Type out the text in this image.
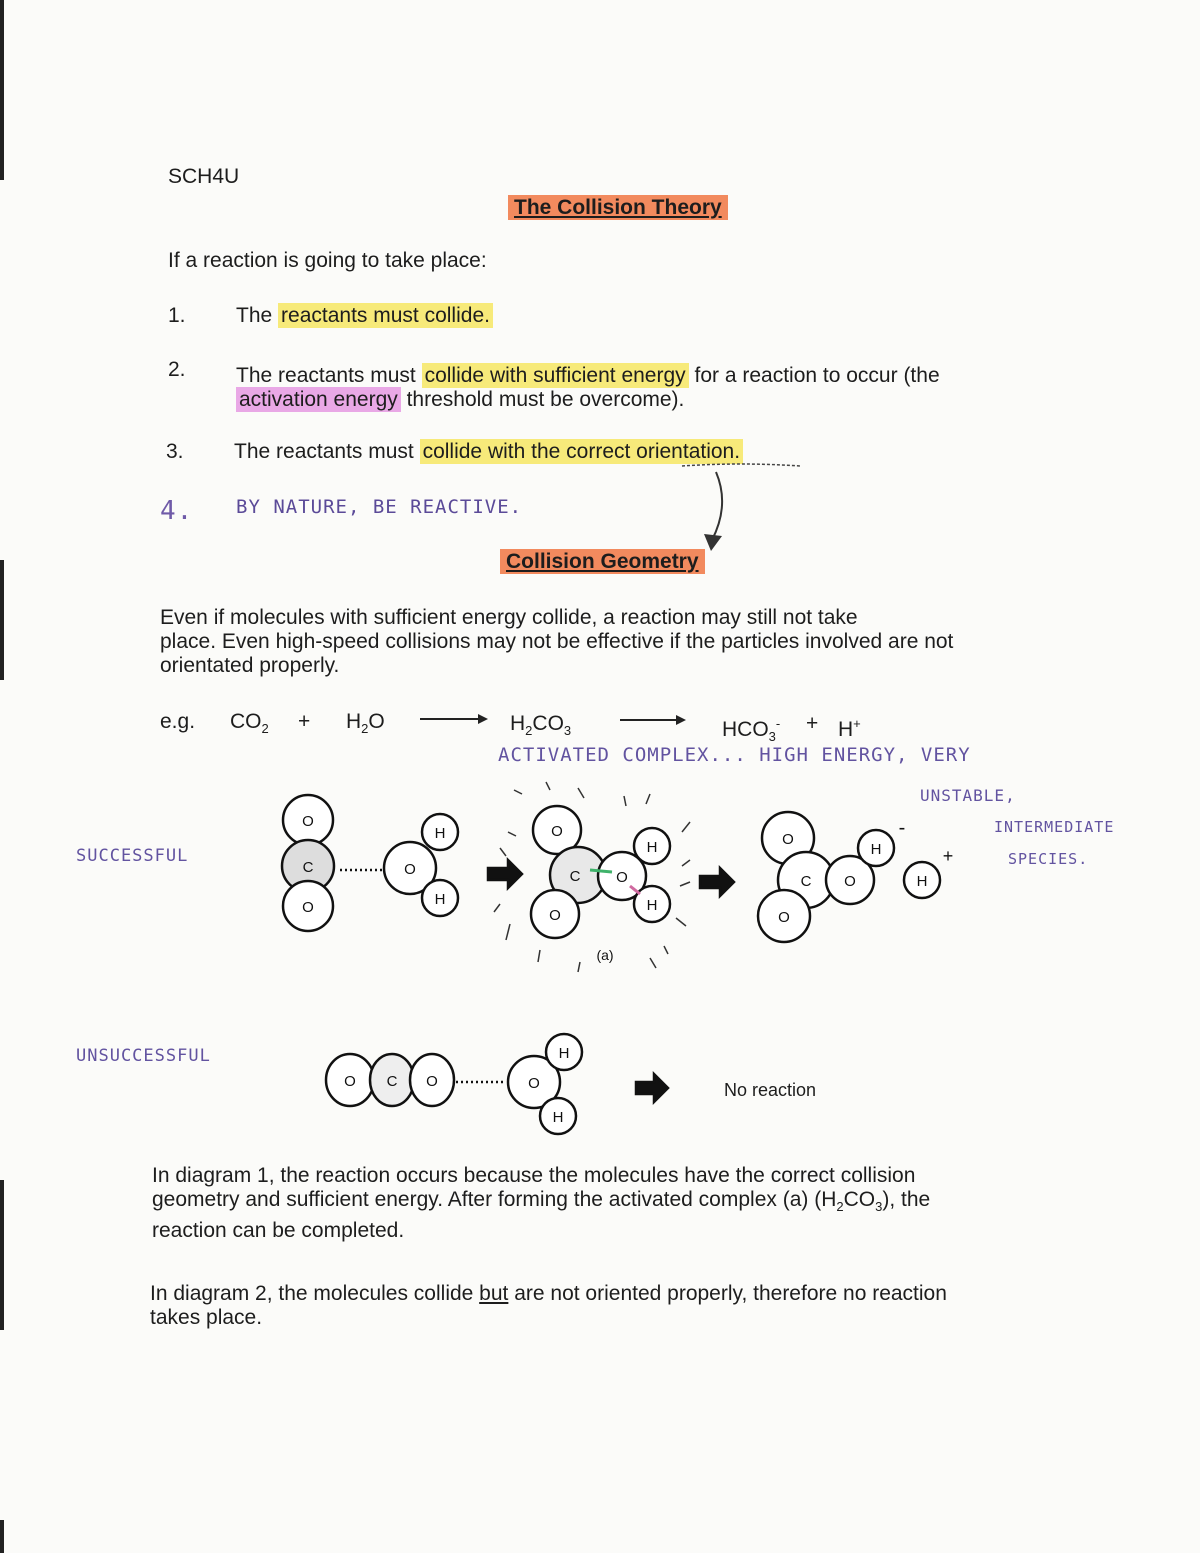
SCH4U
The Collision Theory
If a reaction is going to take place:
1. The reactants must collide.
2. The reactants must collide with sufficient energy for a reaction to occur (the
activation energy threshold must be overcome).
3. The reactants must collide with the correct orientation.
4. BY NATURE, BE REACTIVE.
Collision Geometry
Even if molecules with sufficient energy collide, a reaction may still not take
place. Even high-speed collisions may not be effective if the particles involved are not
orientated properly.
e.g. $CO_2 + H_2O$	$H_2CO_3$	$HCO_3^- + H^+$
ACTIVATED COMPLEX... HIGH ENERGY, VERY
UNSTABLE,
INTERMEDIATE
SPECIES.
SUCCESSFUL
UNSUCCESSFUL
O
C
O
O
H
H
O
C O
H
H
O
(a)
O
C O
H
O
-
H
+
O C O	O
H
H
No reaction
In diagram 1, the reaction occurs because the molecules have the correct collision
geometry and sufficient energy. After forming the activated complex (a) $(H_2CO_3)$, the
reaction can be completed.
In diagram 2, the molecules collide but are not oriented properly, therefore no reaction
takes place.
